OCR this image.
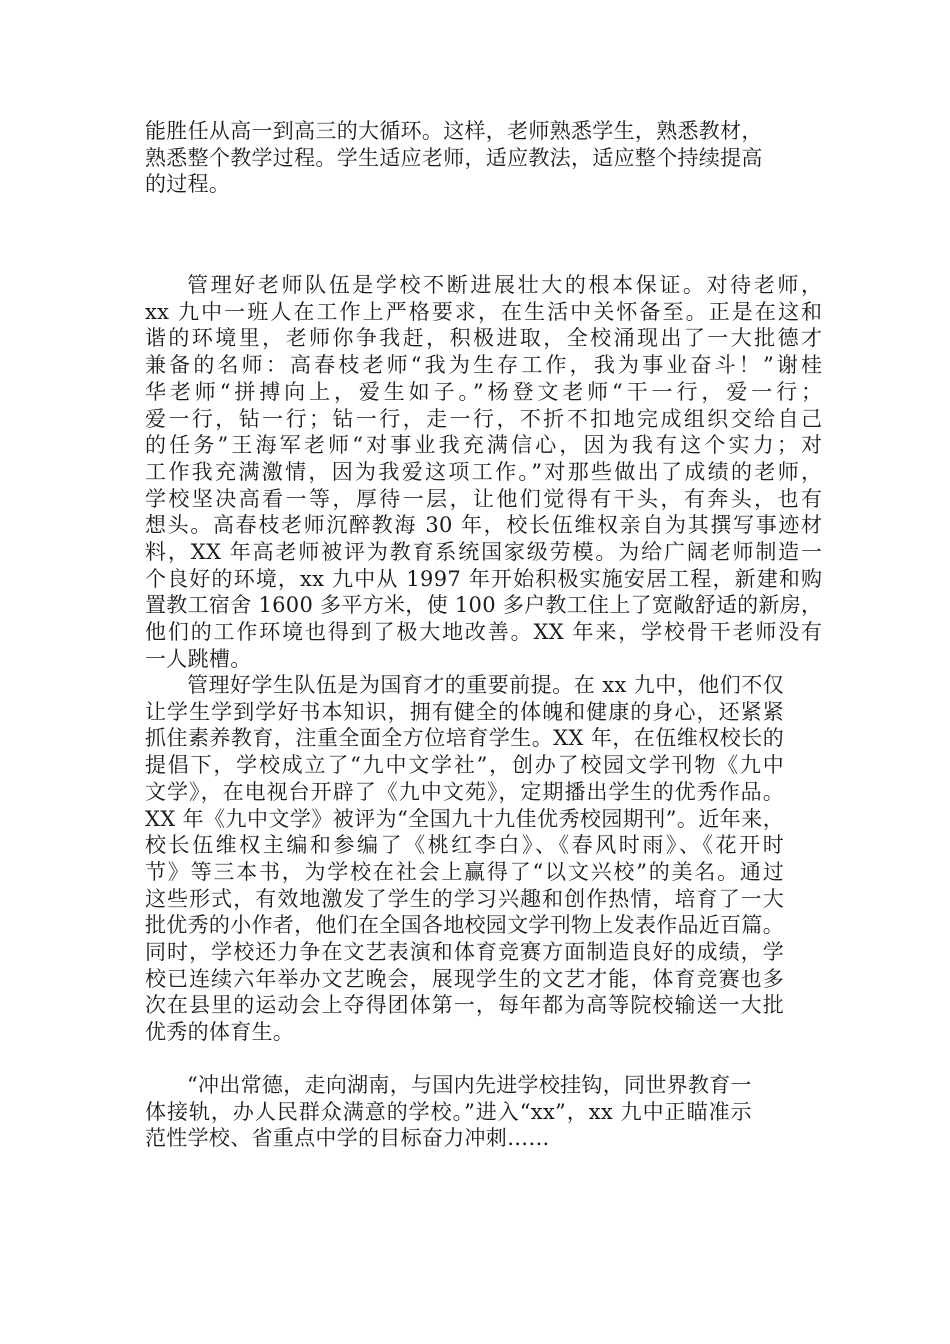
能胜任从高一到高三的大循环。这样，老师熟悉学生，熟悉教材，
熟悉整个教学过程。学生适应老师，适应教法，适应整个持续提高
的过程。

管理好老师队伍是学校不断进展壮大的根本保证。对待老师，
xx 九中一班人在工作上严格要求，在生活中关怀备至。正是在这和
谐的环境里，老师你争我赶，积极进取，全校涌现出了一大批德才
兼备的名师：高春枝老师“我为生存工作，我为事业奋斗！”谢桂
华老师“拼搏向上，爱生如子。”杨登文老师“干一行，爱一行；
爱一行，钻一行；钻一行，走一行，不折不扣地完成组织交给自己
的任务”王海军老师“对事业我充满信心，因为我有这个实力；对
工作我充满激情，因为我爱这项工作。”对那些做出了成绩的老师，
学校坚决高看一等，厚待一层，让他们觉得有干头，有奔头，也有
想头。高春枝老师沉醉教海 30 年，校长伍维权亲自为其撰写事迹材
料，XX 年高老师被评为教育系统国家级劳模。为给广阔老师制造一
个良好的环境，xx 九中从 1997 年开始积极实施安居工程，新建和购
置教工宿舍 1600 多平方米，使 100 多户教工住上了宽敞舒适的新房，
他们的工作环境也得到了极大地改善。XX 年来，学校骨干老师没有
一人跳槽。

管理好学生队伍是为国育才的重要前提。在 xx 九中，他们不仅
让学生学到学好书本知识，拥有健全的体魄和健康的身心，还紧紧
抓住素养教育，注重全面全方位培育学生。XX 年，在伍维权校长的
提倡下，学校成立了“九中文学社”，创办了校园文学刊物《九中
文学》，在电视台开辟了《九中文苑》，定期播出学生的优秀作品。
XX 年《九中文学》被评为“全国九十九佳优秀校园期刊”。近年来，
校长伍维权主编和参编了《桃红李白》、《春风时雨》、《花开时
节》等三本书，为学校在社会上赢得了“以文兴校”的美名。通过
这些形式，有效地激发了学生的学习兴趣和创作热情，培育了一大
批优秀的小作者，他们在全国各地校园文学刊物上发表作品近百篇。
同时，学校还力争在文艺表演和体育竞赛方面制造良好的成绩，学
校已连续六年举办文艺晚会，展现学生的文艺才能，体育竞赛也多
次在县里的运动会上夺得团体第一，每年都为高等院校输送一大批
优秀的体育生。

“冲出常德，走向湖南，与国内先进学校挂钩，同世界教育一
体接轨，办人民群众满意的学校。”进入“xx”，xx 九中正瞄准示
范性学校、省重点中学的目标奋力冲刺……
